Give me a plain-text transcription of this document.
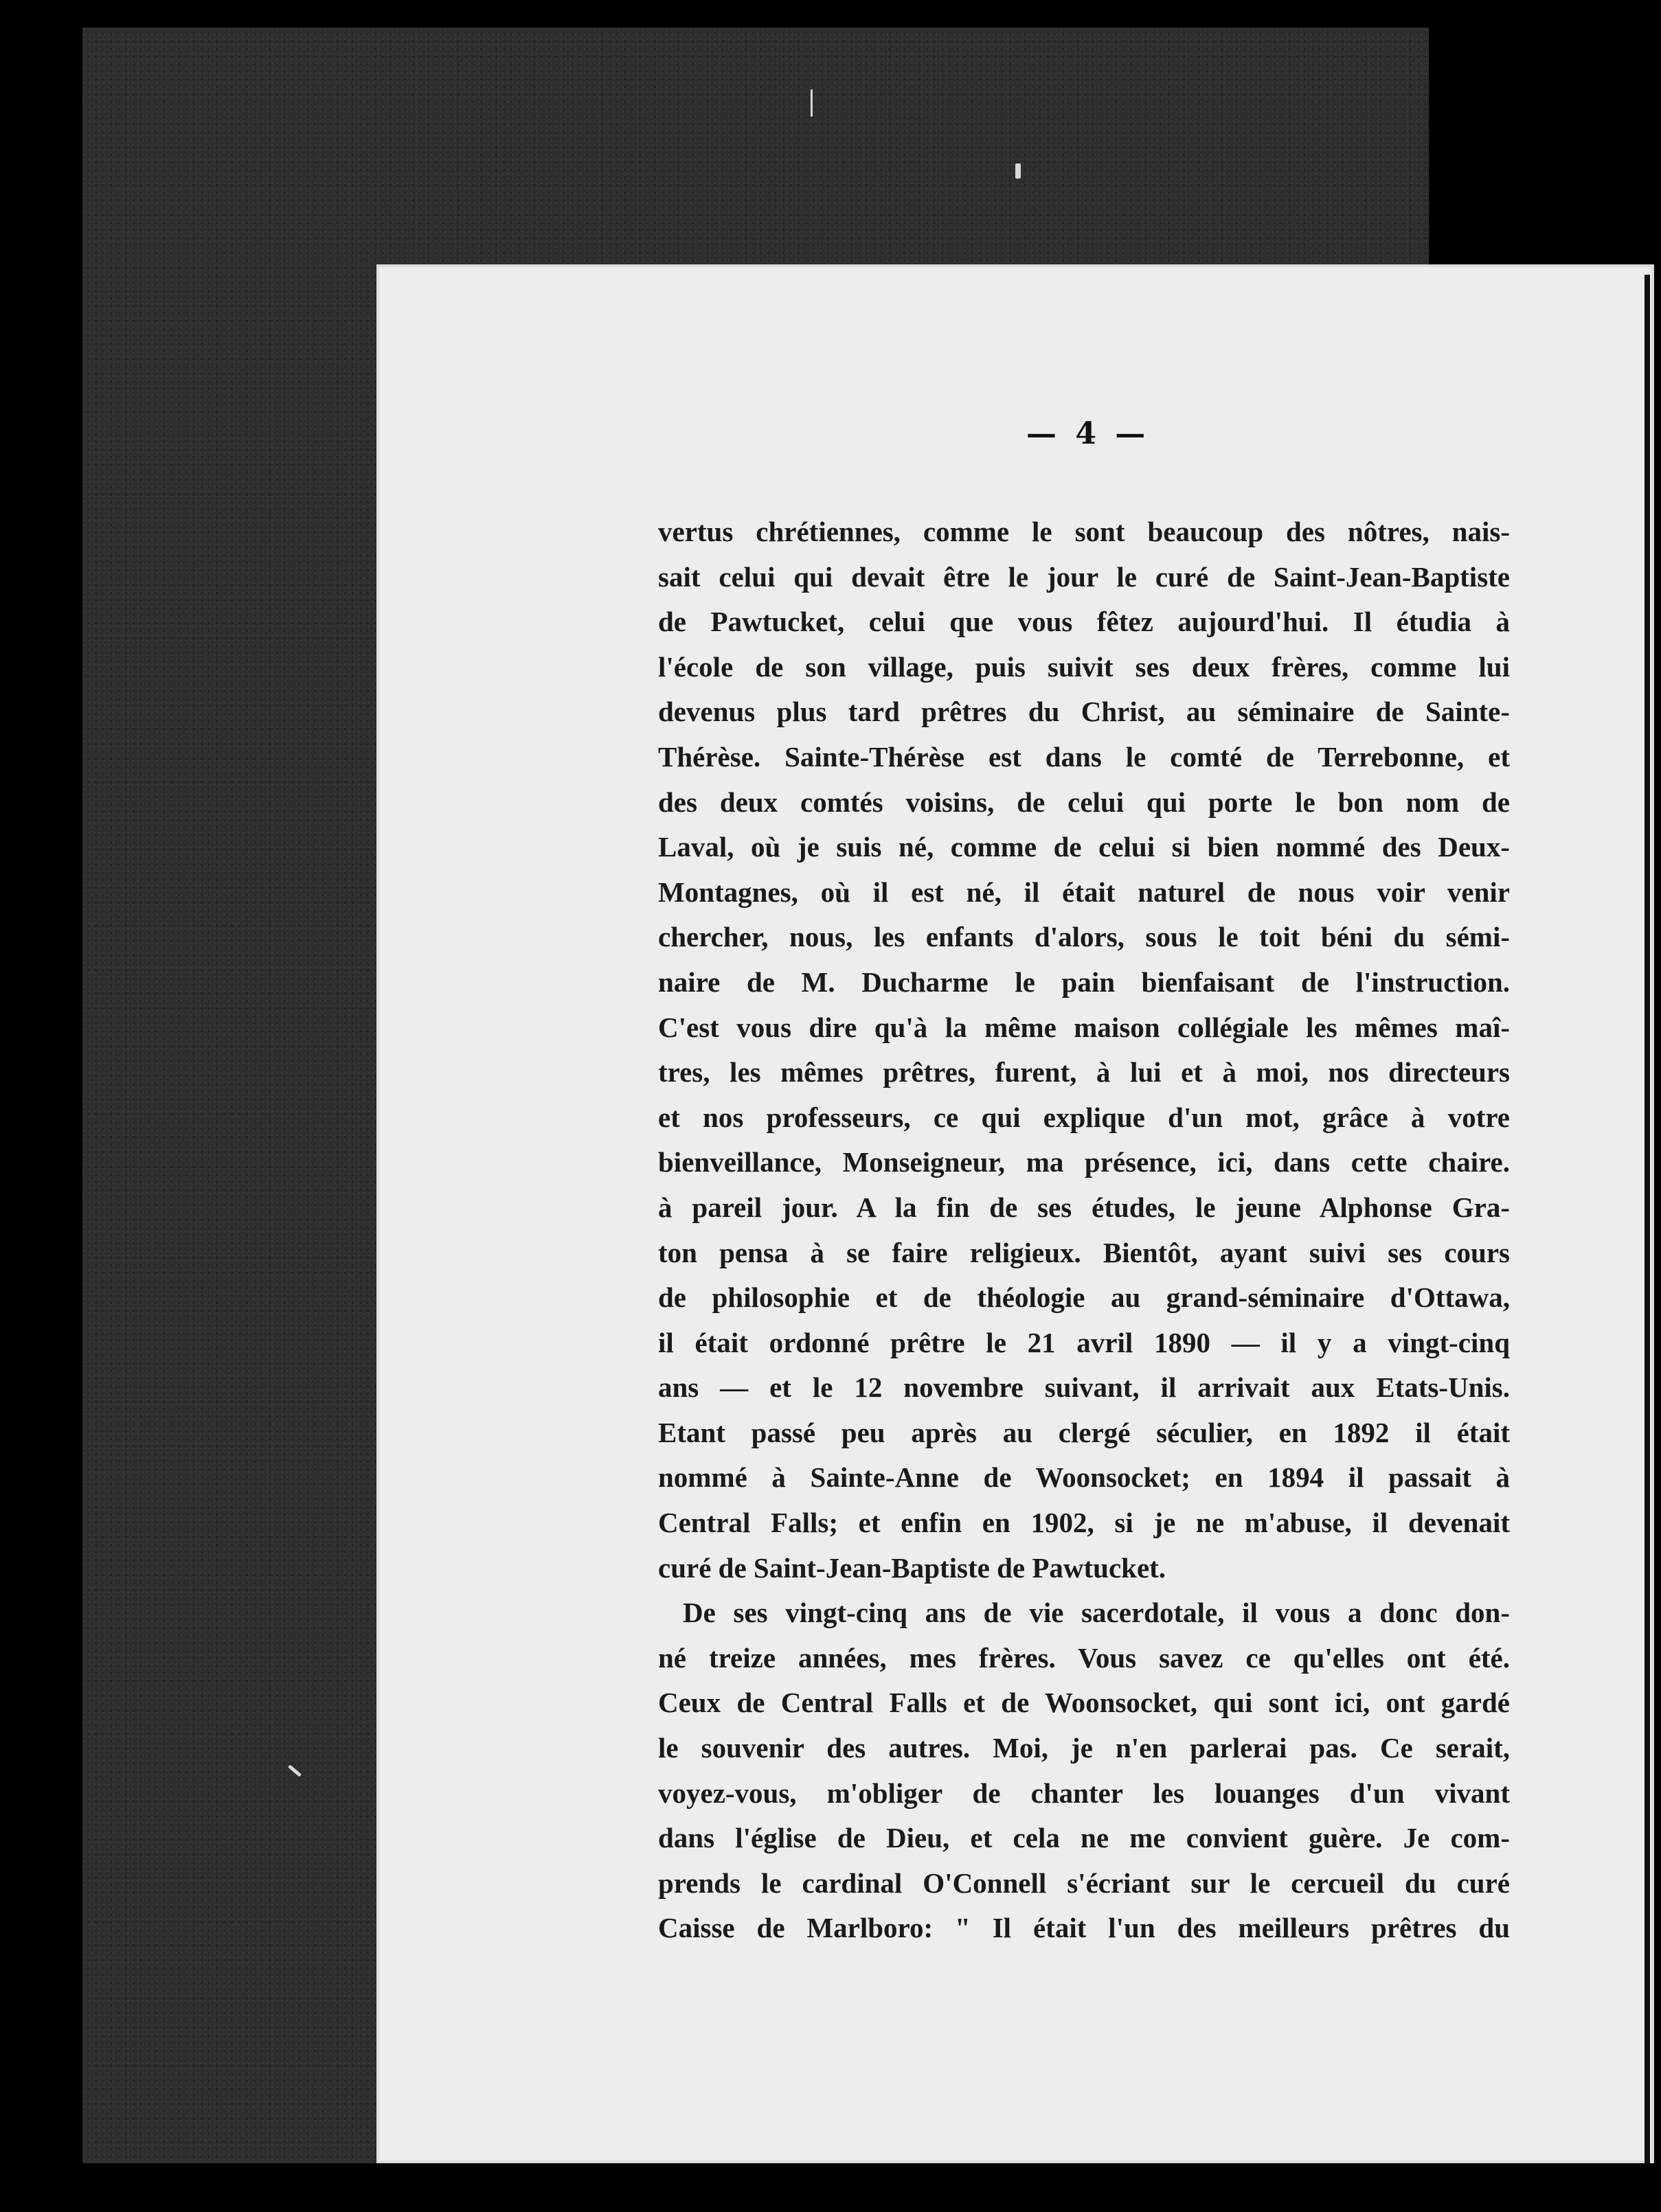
— 4 —
vertus chrétiennes, comme le sont beaucoup des nôtres, nais-
sait celui qui devait être le jour le curé de Saint-Jean-Baptiste
de Pawtucket, celui que vous fêtez aujourd'hui. Il étudia à
l'école de son village, puis suivit ses deux frères, comme lui
devenus plus tard prêtres du Christ, au séminaire de Sainte-
Thérèse. Sainte-Thérèse est dans le comté de Terrebonne, et
des deux comtés voisins, de celui qui porte le bon nom de
Laval, où je suis né, comme de celui si bien nommé des Deux-
Montagnes, où il est né, il était naturel de nous voir venir
chercher, nous, les enfants d'alors, sous le toit béni du sémi-
naire de M. Ducharme le pain bienfaisant de l'instruction.
C'est vous dire qu'à la même maison collégiale les mêmes maî-
tres, les mêmes prêtres, furent, à lui et à moi, nos directeurs
et nos professeurs, ce qui explique d'un mot, grâce à votre
bienveillance, Monseigneur, ma présence, ici, dans cette chaire.
à pareil jour. A la fin de ses études, le jeune Alphonse Gra-
ton pensa à se faire religieux. Bientôt, ayant suivi ses cours
de philosophie et de théologie au grand-séminaire d'Ottawa,
il était ordonné prêtre le 21 avril 1890 — il y a vingt-cinq
ans — et le 12 novembre suivant, il arrivait aux Etats-Unis.
Etant passé peu après au clergé séculier, en 1892 il était
nommé à Sainte-Anne de Woonsocket; en 1894 il passait à
Central Falls; et enfin en 1902, si je ne m'abuse, il devenait
curé de Saint-Jean-Baptiste de Pawtucket.
De ses vingt-cinq ans de vie sacerdotale, il vous a donc don-
né treize années, mes frères. Vous savez ce qu'elles ont été.
Ceux de Central Falls et de Woonsocket, qui sont ici, ont gardé
le souvenir des autres. Moi, je n'en parlerai pas. Ce serait,
voyez-vous, m'obliger de chanter les louanges d'un vivant
dans l'église de Dieu, et cela ne me convient guère. Je com-
prends le cardinal O'Connell s'écriant sur le cercueil du curé
Caisse de Marlboro: " Il était l'un des meilleurs prêtres du
